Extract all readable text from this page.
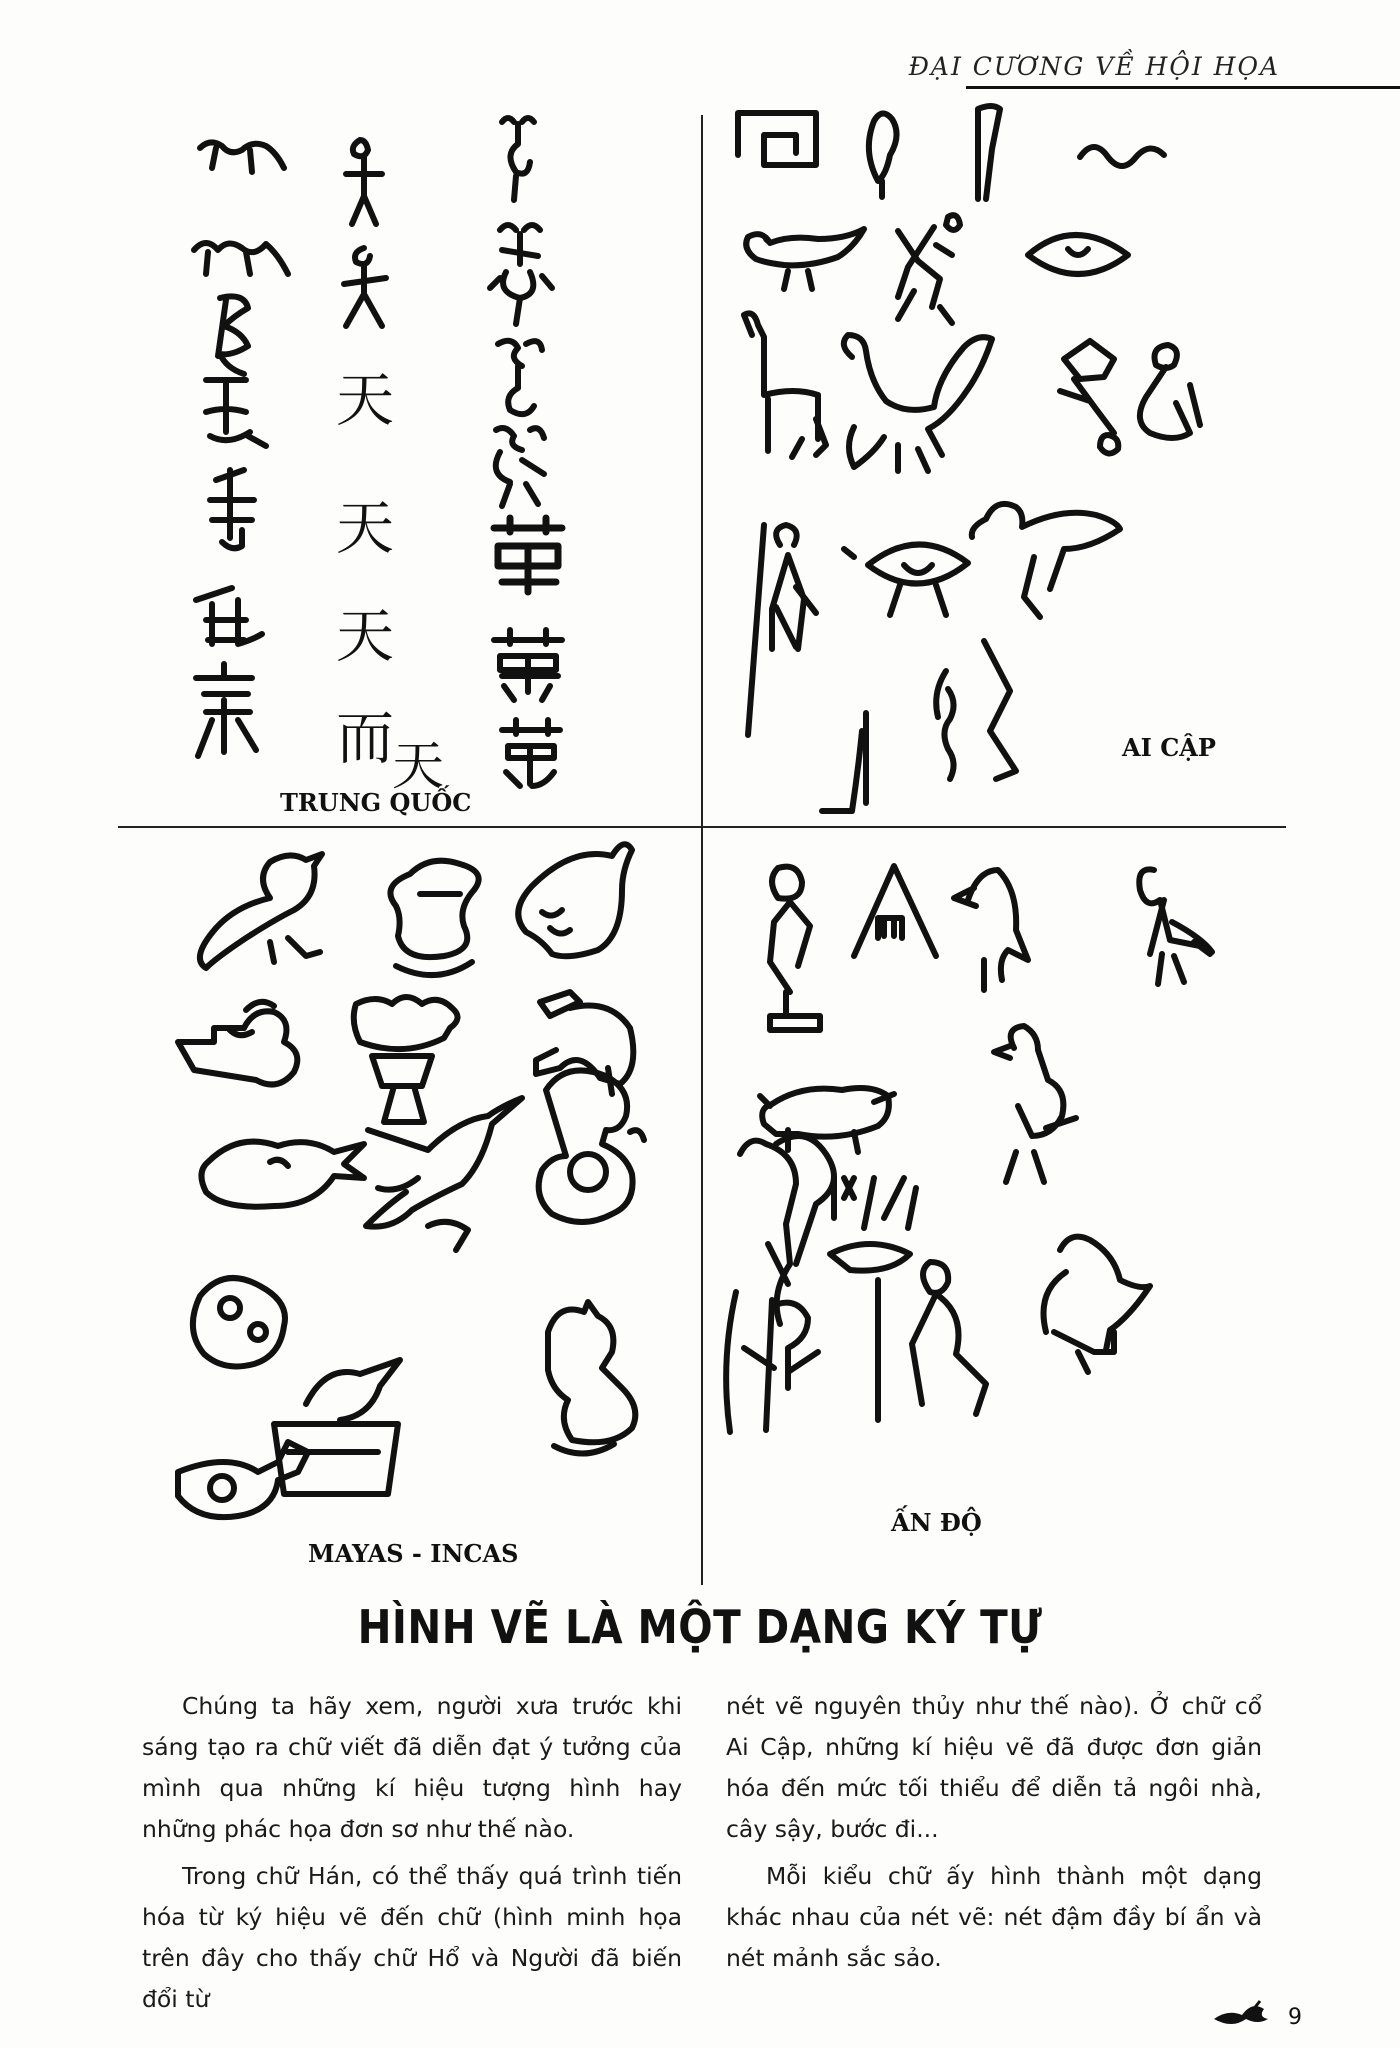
ĐẠI CƯƠNG VỀ HỘI HỌA
天
天
天
而
天
TRUNG QUỐC
AI CẬP
MAYAS - INCAS
ẤN ĐỘ
HÌNH VẼ LÀ MỘT DẠNG KÝ TỰ

Chúng ta hãy xem, người xưa trước khi sáng tạo ra chữ viết đã diễn đạt ý tưởng của mình qua những kí hiệu tượng hình hay những phác họa đơn sơ như thế nào.

Trong chữ Hán, có thể thấy quá trình tiến hóa từ ký hiệu vẽ đến chữ (hình minh họa trên đây cho thấy chữ Hổ và Người đã biến đổi từ

nét vẽ nguyên thủy như thế nào). Ở chữ cổ Ai Cập, những kí hiệu vẽ đã được đơn giản hóa đến mức tối thiểu để diễn tả ngôi nhà, cây sậy, bước đi...

Mỗi kiểu chữ ấy hình thành một dạng khác nhau của nét vẽ: nét đậm đầy bí ẩn và nét mảnh sắc sảo.

9
